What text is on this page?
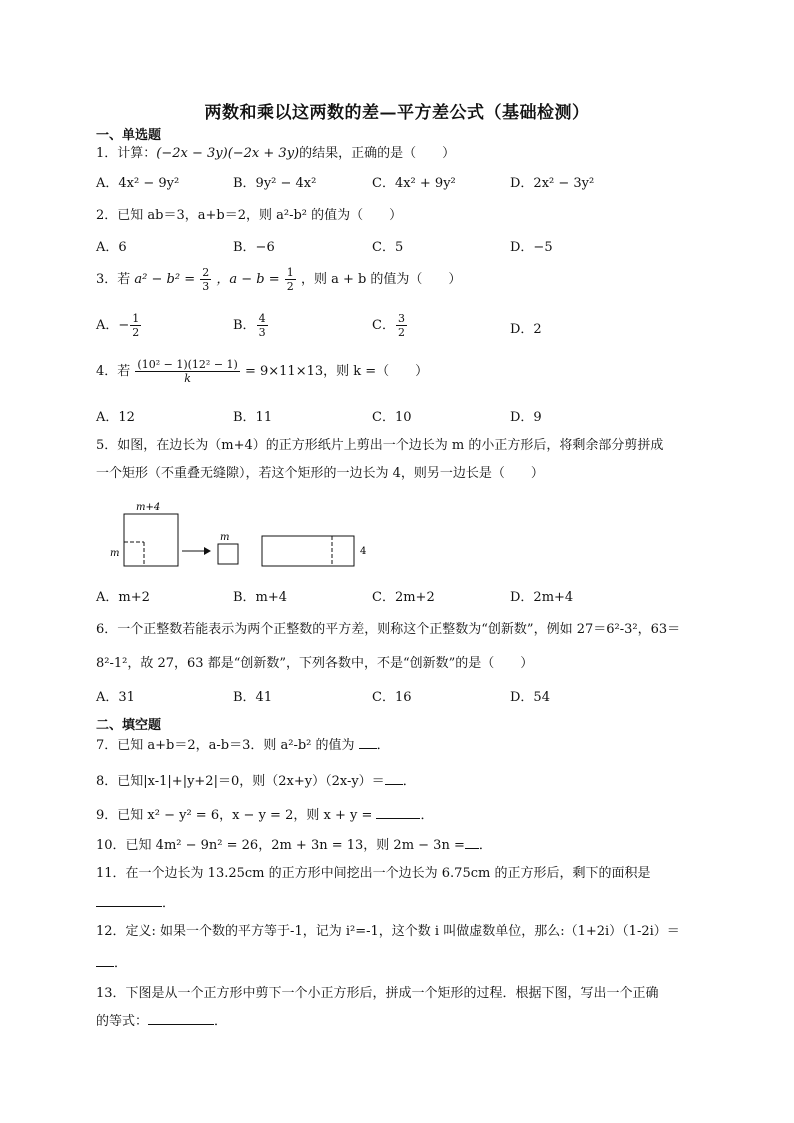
两数和乘以这两数的差—平方差公式（基础检测）
一、单选题
1．计算：(−2x − 3y)(−2x + 3y)的结果，正确的是（　　）
A．4x² − 9y²	B．9y² − 4x²	C．4x² + 9y²	D．2x² − 3y²
2．已知 ab＝3，a+b＝2，则 a²-b² 的值为（　　）
A．6	B．−6	C．5	D．−5
3．若 $a^2 - b^2 = \frac{2}{3}$ ，$a - b = \frac{1}{2}$ ，则 a + b 的值为（　　）
A．− $\frac{1}{2}$	B． $\frac{4}{3}$	C． $\frac{3}{2}$	D．2
4．若 $\frac{\text{(10² − 1)(12² − 1)}}{k} = 9\times 11\times 13$，则 k =（　　）
A．12	B．11	C．10	D．9
5．如图，在边长为（m+4）的正方形纸片上剪出一个边长为 m 的小正方形后，将剩余部分剪拼成
一个矩形（不重叠无缝隙），若这个矩形的一边长为 4，则另一边长是（　　）
m+4
m
m
4
A．m+2	B．m+4	C．2m+2	D．2m+4
6．一个正整数若能表示为两个正整数的平方差，则称这个正整数为“创新数”，例如 27＝6²-3²，63＝
8²-1²，故 27，63 都是“创新数”，下列各数中，不是“创新数”的是（　　）
A．31	B．41	C．16	D．54
二、填空题
7．已知 a+b＝2，a-b＝3．则 a²-b² 的值为 ．
8．已知|x-1|+|y+2|＝0，则（2x+y）（2x-y）＝ ．
9．已知 x² − y² = 6，x − y = 2，则 x + y =	．
10．已知 4m² − 9n² = 26，2m + 3n = 13，则 2m − 3n = ．
11．在一个边长为 13.25cm 的正方形中间挖出一个边长为 6.75cm 的正方形后，剩下的面积是
．
12．定义: 如果一个数的平方等于-1，记为 i²=-1，这个数 i 叫做虚数单位，那么:（1+2i）（1-2i）＝
．
13．下图是从一个正方形中剪下一个小正方形后，拼成一个矩形的过程．根据下图，写出一个正确
的等式：	．
